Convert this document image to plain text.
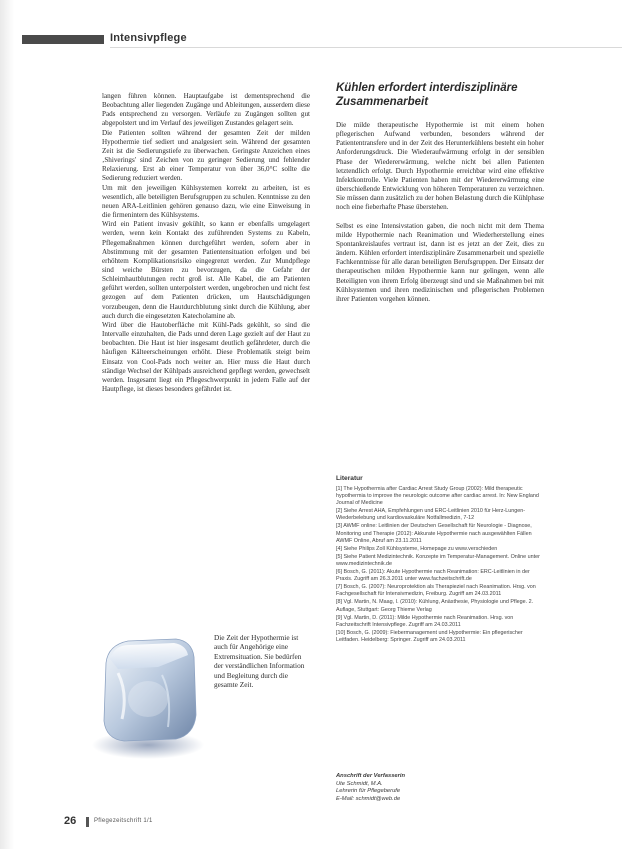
Intensivpflege

langen führen können. Hauptaufgabe ist dementsprechend die Beobachtung aller liegenden Zugänge und Ableitungen, ausserdem diese Pads entsprechend zu versorgen. Verläufe zu Zugängen sollten gut abgepolstert und im Verlauf des jeweiligen Zustandes gelagert sein.

Die Patienten sollten während der gesamten Zeit der milden Hypothermie tief sediert und analgesiert sein. Während der gesamten Zeit ist die Sedierungstiefe zu überwachen. Geringste Anzeichen eines ‚Shiverings' sind Zeichen von zu geringer Sedierung und fehlender Relaxierung. Erst ab einer Temperatur von über 36,0°C sollte die Sedierung reduziert werden.

Um mit den jeweiligen Kühlsystemen korrekt zu arbeiten, ist es wesentlich, alle beteiligten Berufsgruppen zu schulen. Kenntnisse zu den neuen ARA-Leitlinien gehören genauso dazu, wie eine Einweisung in die firmenintern des Kühlsystems.

Wird ein Patient invasiv gekühlt, so kann er ebenfalls umgelagert werden, wenn kein Kontakt des zuführenden Systems zu Kabeln, Pflegemaßnahmen können durchgeführt werden, sofern aber in Abstimmung mit der gesamten Patientensituation erfolgen und bei erhöhtem Komplikationsrisiko eingegrenzt werden. Zur Mundpflege sind weiche Bürsten zu bevorzugen, da die Gefahr der Schleimhautblutungen recht groß ist. Alle Kabel, die am Patienten geführt werden, sollten unterpolstert werden, ungebrochen und nicht fest gezogen auf dem Patienten drücken, um Hautschädigungen vorzubeugen, denn die Hautdurchblutung sinkt durch die Kühlung, aber auch durch die eingesetzten Katecholamine ab.

Wird über die Hautoberfläche mit Kühl-Pads gekühlt, so sind die Intervalle einzuhalten, die Pads unnd deren Lage gezielt auf der Haut zu beobachten. Die Haut ist hier insgesamt deutlich gefährdeter, durch die häufigen Kälteerscheinungen erhöht. Diese Problematik steigt beim Einsatz von Cool-Pads noch weiter an. Hier muss die Haut durch ständige Wechsel der Kühlpads ausreichend gepflegt werden, gewechselt werden. Insgesamt liegt ein Pflegeschwerpunkt in jedem Falle auf der Hautpflege, ist dieses besonders gefährdet ist.

Die Zeit der Hypothermie ist auch für Angehörige eine Extremsituation. Sie bedürfen der verständlichen Information und Begleitung durch die gesamte Zeit.
Kühlen erfordert interdisziplinäre Zusammenarbeit

Die milde therapeutische Hypothermie ist mit einem hohen pflegerischen Aufwand verbunden, besonders während der Patiententransfere und in der Zeit des Herunterkühlens besteht ein hoher Anforderungsdruck. Die Wiederaufwärmung erfolgt in der sensiblen Phase der Wiedererwärmung, welche nicht bei allen Patienten letztendlich erfolgt. Durch Hypothermie erreichbar wird eine effektive Infektkontrolle. Viele Patienten haben mit der Wiedererwärmung eine überschießende Entwicklung von höheren Temperaturen zu verzeichnen. Sie müssen dann zusätzlich zu der hohen Belastung durch die Kühlphase noch eine fieberhafte Phase überstehen.

Selbst es eine Intensivstation gaben, die noch nicht mit dem Thema milde Hypothermie nach Reanimation und Wiederherstellung eines Spontankreislaufes vertraut ist, dann ist es jetzt an der Zeit, dies zu ändern. Kühlen erfordert interdisziplinäre Zusammenarbeit und spezielle Fachkenntnisse für alle daran beteiligten Berufsgruppen. Der Einsatz der therapeutischen milden Hypothermie kann nur gelingen, wenn alle Beteiligten von ihrem Erfolg überzeugt sind und sie Maßnahmen bei mit Kühlsystemen und ihren medizinischen und pflegerischen Problemen ihrer Patienten vorgehen können.

Literatur
[1] The Hypothermia after Cardiac Arrest Study Group (2002): Mild therapeutic hypothermia to improve the neurologic outcome after cardiac arrest. In: New England Journal of Medicine
[2] Siehe Arrest AHA, Empfehlungen und ERC-Leitlinien 2010 für Herz-Lungen-Wiederbelebung und kardiovaskuläre Notfallmedizin, 7-12
[3] AWMF online: Leitlinien der Deutschen Gesellschaft für Neurologie - Diagnose, Monitoring und Therapie (2012): Akkurate Hypothermie nach ausgewählten Fällen AWMF Online, Abruf am 23.11.2011
[4] Siehe Philips Zoll Kühlsysteme, Homepage zu www.verschieden
[5] Siehe Patient Medizintechnik. Konzepte im Temperatur-Management. Online unter www.medizintechnik.de
[6] Bosch, G. (2011): Akute Hypothermie nach Reanimation: ERC-Leitlinien in der Praxis. Zugriff am 26.3.2011 unter www.fachzeitschrift.de
[7] Bosch, G. (2007): Neuroprotektion als Therapieziel nach Reanimation. Hrsg. von Fachgesellschaft für Intensivmedizin, Freiburg. Zugriff am 24.03.2011
[8] Vgl. Martin, N. Maag, I. (2010): Kühlung, Anästhesie, Physiologie und Pflege. 2. Auflage, Stuttgart: Georg Thieme Verlag
[9] Vgl. Martin, D. (2011): Milde Hypothermie nach Reanimation. Hrsg. von Fachzeitschrift Intensivpflege. Zugriff am 24.03.2011
[10] Bosch, G. (2009): Fiebermanagement und Hypothermie: Ein pflegerischer Leitfaden. Heidelberg: Springer. Zugriff am 24.03.2011
Anschrift der Verfasserin
Ute Schmidt, M.A.
Lehrerin für Pflegeberufe
E-Mail: schmidt@web.de
26	Pflegezeitschrift 1/1
